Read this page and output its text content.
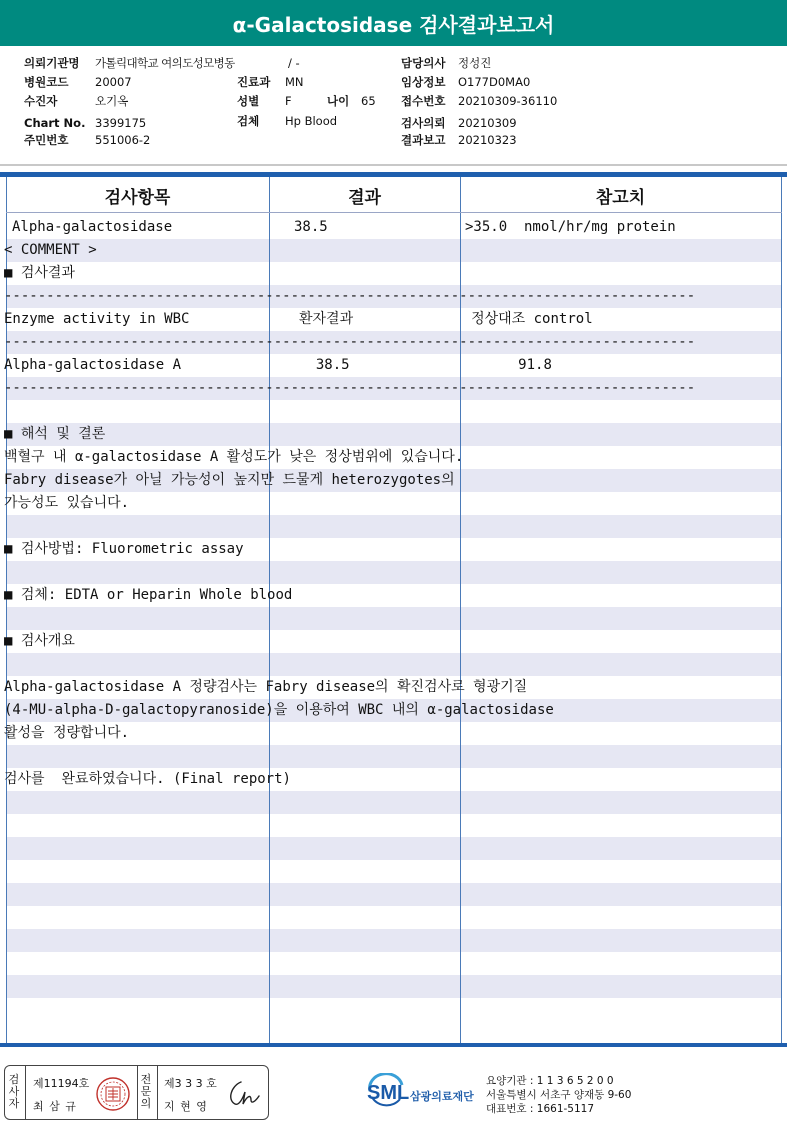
α-Galactosidase 검사결과보고서
의뢰기관명 가톨릭대학교 여의도성모병동
병원코드 20007
수진자	오기옥
Chart No. 3399175
주민번호 551006-2
/ -
진료과 MN
성별 F	나이 65
검체 Hp Blood
담당의사 정성진
임상정보 O177D0MA0
접수번호 20210309-36110
검사의뢰 20210309
결과보고 20210323
검사항목	결과	참고치
Alpha-galactosidase	38.5	>35.0  nmol/hr/mg protein
< COMMENT >
■ 검사결과
----------------------------------------------------------------------------------
Enzyme activity in WBC             환자결과              정상대조 control
----------------------------------------------------------------------------------
Alpha-galactosidase A                38.5                    91.8
----------------------------------------------------------------------------------
■ 해석 및 결론
백혈구 내 α-galactosidase A 활성도가 낮은 정상범위에 있습니다.
Fabry disease가 아닐 가능성이 높지만 드물게 heterozygotes의
가능성도 있습니다.
■ 검사방법: Fluorometric assay
■ 검체: EDTA or Heparin Whole blood
■ 검사개요
Alpha-galactosidase A 정량검사는 Fabry disease의 확진검사로 형광기질
(4-MU-alpha-D-galactopyranoside)을 이용하여 WBC 내의 α-galactosidase
활성을 정량합니다.
검사를  완료하였습니다. (Final report)
검사자
제11194호
최 삼 규
전문의
제3 3 3 호
지 현 영
SML 삼광의료재단
요양기관 : 1 1 3 6 5 2 0 0
서울특별시 서초구 양재동 9-60
대표번호 : 1661-5117
